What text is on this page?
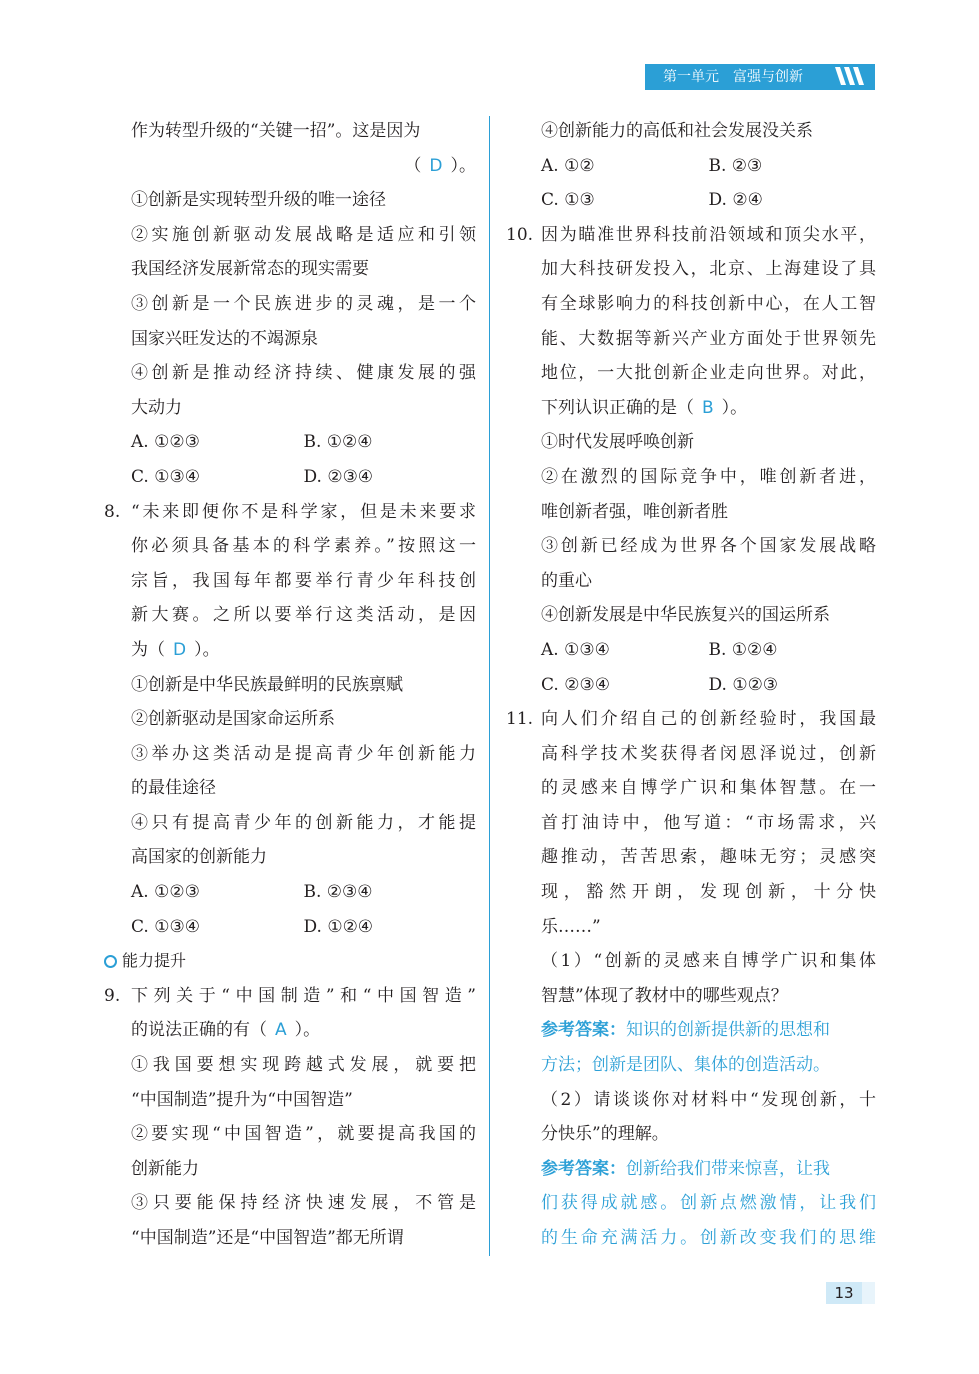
第一单元 富强与创新
作为转型升级的“关键一招”。这是因为
（ D ）。
①创新是实现转型升级的唯一途径
②实施创新驱动发展战略是适应和引领
我国经济发展新常态的现实需要
③创新是一个民族进步的灵魂，是一个
国家兴旺发达的不竭源泉
④创新是推动经济持续、健康发展的强
大动力
A. ①②③	B. ①②④
C. ①③④	D. ②③④
8. “未来即便你不是科学家，但是未来要求
你必须具备基本的科学素养。”按照这一
宗旨，我国每年都要举行青少年科技创
新大赛。之所以要举行这类活动，是因
为（ D ）。
①创新是中华民族最鲜明的民族禀赋
②创新驱动是国家命运所系
③举办这类活动是提高青少年创新能力
的最佳途径
④只有提高青少年的创新能力，才能提
高国家的创新能力
A. ①②③	B. ②③④
C. ①③④	D. ①②④
能力提升
9. 下列关于“中国制造”和“中国智造”
的说法正确的有（ A ）。
①我国要想实现跨越式发展，就要把
“中国制造”提升为“中国智造”
②要实现“中国智造”，就要提高我国的
创新能力
③只要能保持经济快速发展，不管是
“中国制造”还是“中国智造”都无所谓
④创新能力的高低和社会发展没关系
A. ①②	B. ②③
C. ①③	D. ②④
10. 因为瞄准世界科技前沿领域和顶尖水平，
加大科技研发投入，北京、上海建设了具
有全球影响力的科技创新中心，在人工智
能、大数据等新兴产业方面处于世界领先
地位，一大批创新企业走向世界。对此，
下列认识正确的是（ B ）。
①时代发展呼唤创新
②在激烈的国际竞争中，唯创新者进，
唯创新者强，唯创新者胜
③创新已经成为世界各个国家发展战略
的重心
④创新发展是中华民族复兴的国运所系
A. ①③④	B. ①②④
C. ②③④	D. ①②③
11. 向人们介绍自己的创新经验时，我国最
高科学技术奖获得者闵恩泽说过，创新
的灵感来自博学广识和集体智慧。在一
首打油诗中，他写道：“市场需求，兴
趣推动，苦苦思索，趣味无穷；灵感突
现，豁然开朗，发现创新，十分快
乐……”
（1）“创新的灵感来自博学广识和集体
智慧”体现了教材中的哪些观点？
参考答案：知识的创新提供新的思想和
方法；创新是团队、集体的创造活动。
（2）请谈谈你对材料中“发现创新，十
分快乐”的理解。
参考答案：创新给我们带来惊喜，让我
们获得成就感。创新点燃激情，让我们
的生命充满活力。创新改变我们的思维
13
